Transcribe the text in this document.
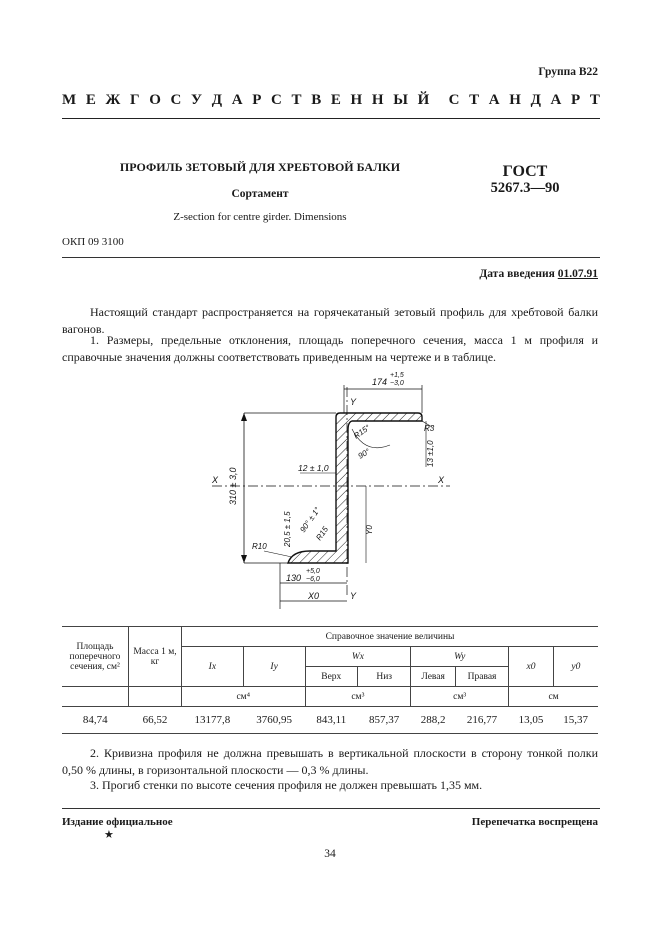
Группа В22
М Е Ж Г О С У Д А Р С Т В Е Н Н Ы Й С Т А Н Д А Р Т
ПРОФИЛЬ ЗЕТОВЫЙ ДЛЯ ХРЕБТОВОЙ БАЛКИ	ГОСТ
5267.3—90
Сортамент
Z-section for centre girder. Dimensions
ОКП 09 3100
Дата введения 01.07.91
Настоящий стандарт распространяется на горячекатаный зетовый профиль для хребтовой балки вагонов.
1. Размеры, предельные отклонения, площадь поперечного сечения, масса 1 м профиля и справочные значения должны соответствовать приведенным на чертеже и в таблице.
310 ± 3,0
X	X
Y
Y
174
+1,5
−3,0
R3
R15°
90°	13 ±1,0
12 ± 1,0
Y0
20,5 ± 1,5 90° ± 1°
R15
R10
130
+5,0
−6,0
X0
Площадь поперечного сечения, см²	Масса 1 м, кг	Справочное значение величины							
		Ix	Iy	Wx		Wy		x0	y0
				Верх	Низ	Левая	Правая		
		см⁴		см³		см³		см	
84,74	66,52	13177,8	3760,95	843,11	857,37	288,2	216,77	13,05	15,37
2. Кривизна профиля не должна превышать в вертикальной плоскости в сторону тонкой полки 0,50 % длины, в горизонтальной плоскости — 0,3 % длины.
3. Прогиб стенки по высоте сечения профиля не должен превышать 1,35 мм.
Издание официальное
★
Перепечатка воспрещена
34
